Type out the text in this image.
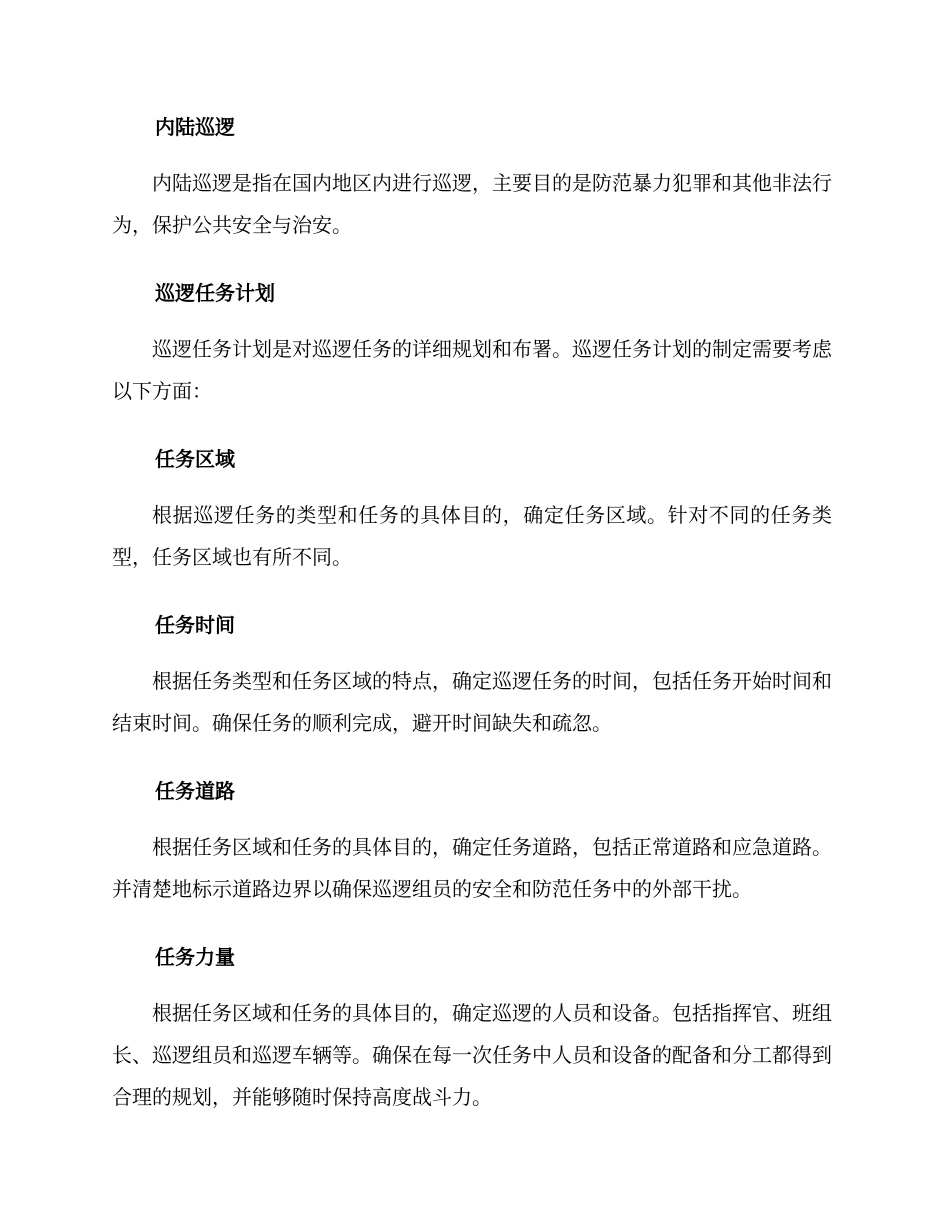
内陆巡逻

内陆巡逻是指在国内地区内进行巡逻，主要目的是防范暴力犯罪和其他非法行为，保护公共安全与治安。

巡逻任务计划

巡逻任务计划是对巡逻任务的详细规划和布署。巡逻任务计划的制定需要考虑以下方面：

任务区域

根据巡逻任务的类型和任务的具体目的，确定任务区域。针对不同的任务类型，任务区域也有所不同。

任务时间

根据任务类型和任务区域的特点，确定巡逻任务的时间，包括任务开始时间和结束时间。确保任务的顺利完成，避开时间缺失和疏忽。

任务道路

根据任务区域和任务的具体目的，确定任务道路，包括正常道路和应急道路。并清楚地标示道路边界以确保巡逻组员的安全和防范任务中的外部干扰。

任务力量

根据任务区域和任务的具体目的，确定巡逻的人员和设备。包括指挥官、班组长、巡逻组员和巡逻车辆等。确保在每一次任务中人员和设备的配备和分工都得到合理的规划，并能够随时保持高度战斗力。
